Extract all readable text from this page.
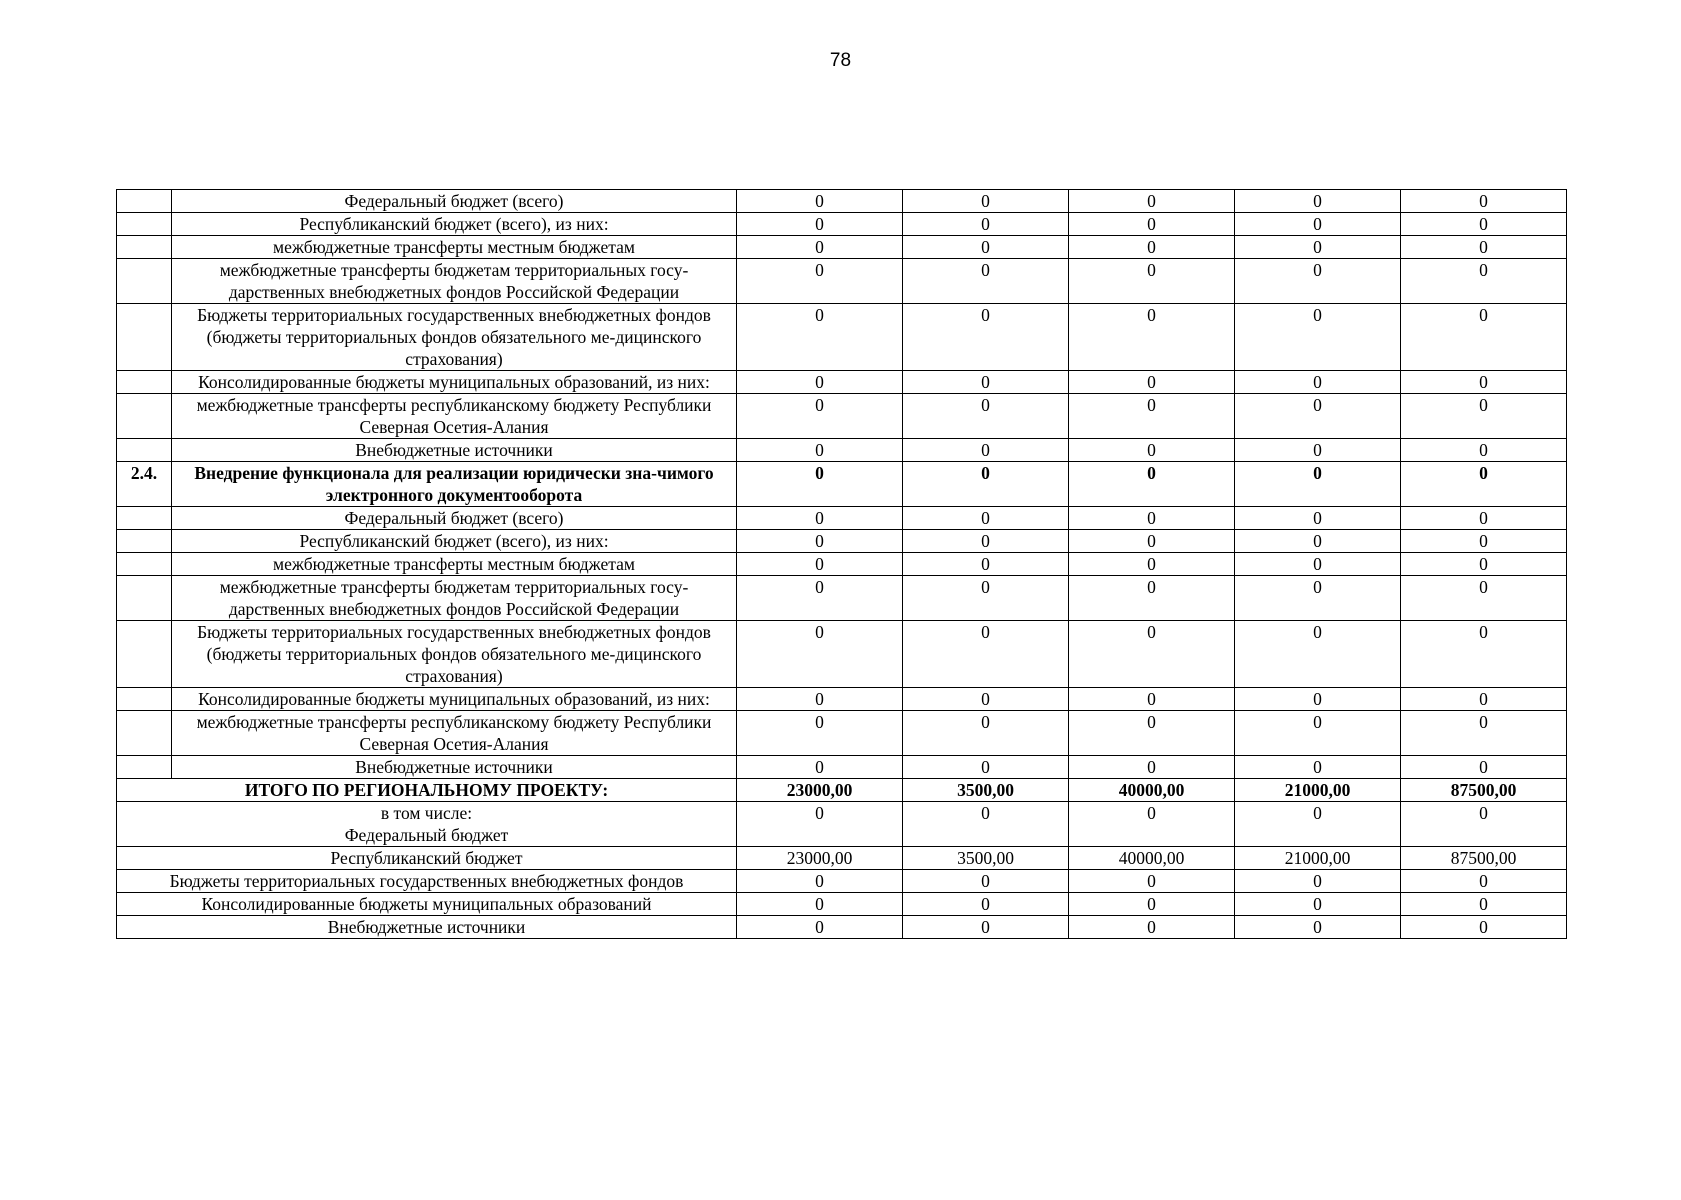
78
	Федеральный бюджет (всего)	0	0	0	0	0
	Республиканский бюджет (всего), из них:	0	0	0	0	0
	межбюджетные трансферты местным бюджетам	0	0	0	0	0
	межбюджетные трансферты бюджетам территориальных госу-дарственных внебюджетных фондов Российской Федерации	0	0	0	0	0
	Бюджеты территориальных государственных внебюджетных фондов (бюджеты территориальных фондов обязательного ме-дицинского страхования)	0	0	0	0	0
	Консолидированные бюджеты муниципальных образований, из них:	0	0	0	0	0
	межбюджетные трансферты республиканскому бюджету Республики Северная Осетия-Алания	0	0	0	0	0
	Внебюджетные источники	0	0	0	0	0
2.4.	Внедрение функционала для реализации юридически зна-чимого электронного документооборота	0	0	0	0	0
	Федеральный бюджет (всего)	0	0	0	0	0
	Республиканский бюджет (всего), из них:	0	0	0	0	0
	межбюджетные трансферты местным бюджетам	0	0	0	0	0
	межбюджетные трансферты бюджетам территориальных госу-дарственных внебюджетных фондов Российской Федерации	0	0	0	0	0
	Бюджеты территориальных государственных внебюджетных фондов (бюджеты территориальных фондов обязательного ме-дицинского страхования)	0	0	0	0	0
	Консолидированные бюджеты муниципальных образований, из них:	0	0	0	0	0
	межбюджетные трансферты республиканскому бюджету Республики Северная Осетия-Алания	0	0	0	0	0
	Внебюджетные источники	0	0	0	0	0
ИТОГО ПО РЕГИОНАЛЬНОМУ ПРОЕКТУ:		23000,00	3500,00	40000,00	21000,00	87500,00
в том числе:
Федеральный бюджет		0	0	0	0	0
Республиканский бюджет		23000,00	3500,00	40000,00	21000,00	87500,00
Бюджеты территориальных государственных внебюджетных фондов		0	0	0	0	0
Консолидированные бюджеты муниципальных образований		0	0	0	0	0
Внебюджетные источники		0	0	0	0	0
